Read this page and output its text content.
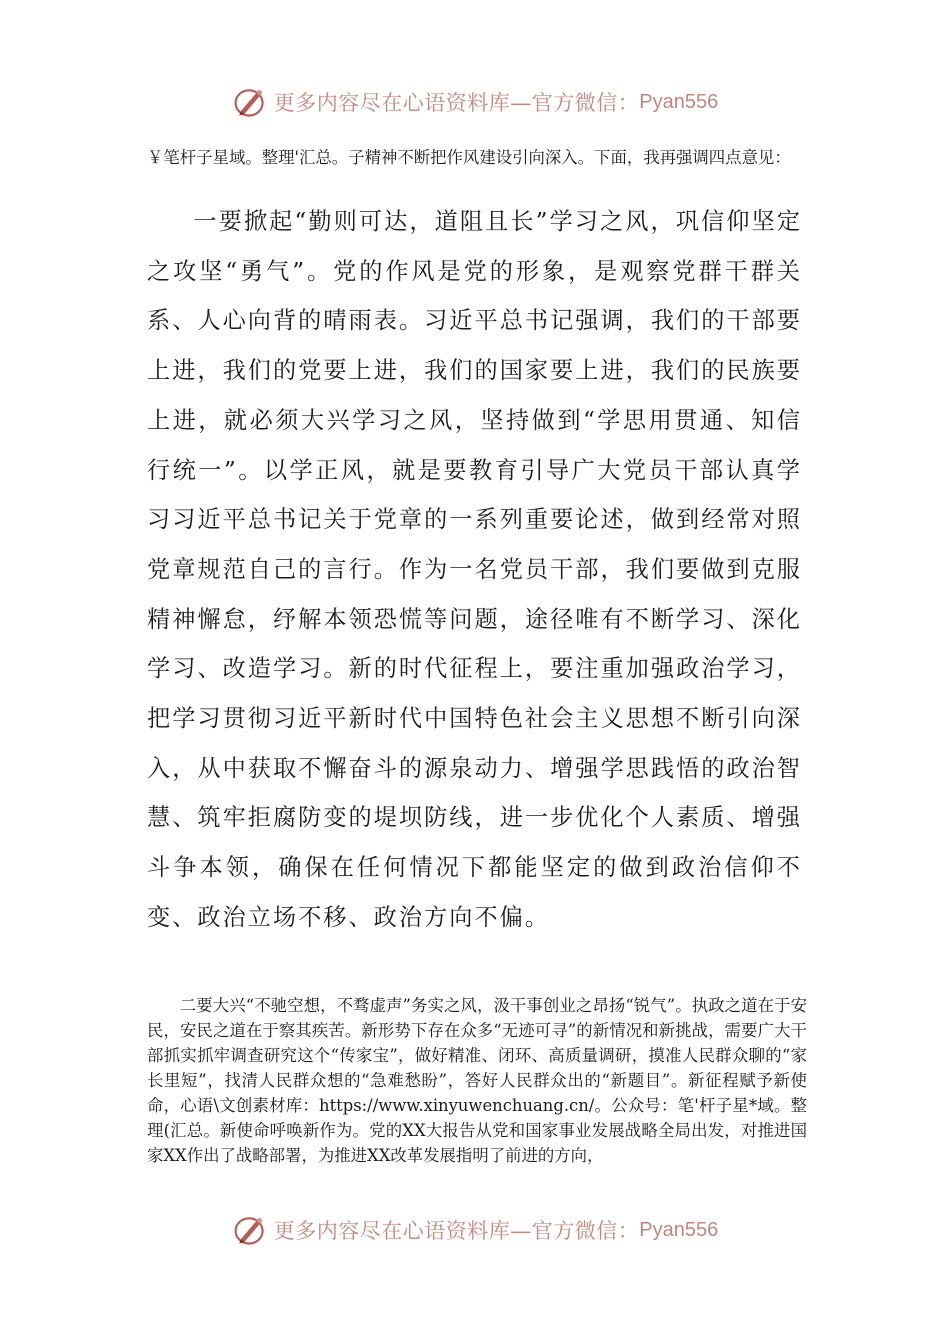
更多内容尽在心语资料库—官方微信： Pyan556

￥笔杆子星域。整理'汇总。子精神不断把作风建设引向深入。下面，我再强调四点意见：

一要掀起“勤则可达，道阻且长”学习之风，巩信仰坚定之攻坚“勇气”。党的作风是党的形象，是观察党群干群关系、人心向背的晴雨表。习近平总书记强调，我们的干部要上进，我们的党要上进，我们的国家要上进，我们的民族要上进，就必须大兴学习之风，坚持做到“学思用贯通、知信行统一”。以学正风，就是要教育引导广大党员干部认真学习习近平总书记关于党章的一系列重要论述，做到经常对照党章规范自己的言行。作为一名党员干部，我们要做到克服精神懈怠，纾解本领恐慌等问题，途径唯有不断学习、深化学习、改造学习。新的时代征程上，要注重加强政治学习，把学习贯彻习近平新时代中国特色社会主义思想不断引向深入，从中获取不懈奋斗的源泉动力、增强学思践悟的政治智慧、筑牢拒腐防变的堤坝防线，进一步优化个人素质、增强斗争本领，确保在任何情况下都能坚定的做到政治信仰不变、政治立场不移、政治方向不偏。

二要大兴“不驰空想，不骛虚声”务实之风，汲干事创业之昂扬“锐气”。执政之道在于安民，安民之道在于察其疾苦。新形势下存在众多“无迹可寻”的新情况和新挑战，需要广大干部抓实抓牢调查研究这个“传家宝”，做好精准、闭环、高质量调研，摸准人民群众聊的“家长里短”，找清人民群众想的“急难愁盼”，答好人民群众出的“新题目”。新征程赋予新使命，心语\文创素材库：https://www.xinyuwenchuang.cn/。公众号：笔'杆子星*域。整理(汇总。新使命呼唤新作为。党的XX大报告从党和国家事业发展战略全局出发，对推进国家XX作出了战略部署，为推进XX改革发展指明了前进的方向，

更多内容尽在心语资料库—官方微信： Pyan556
